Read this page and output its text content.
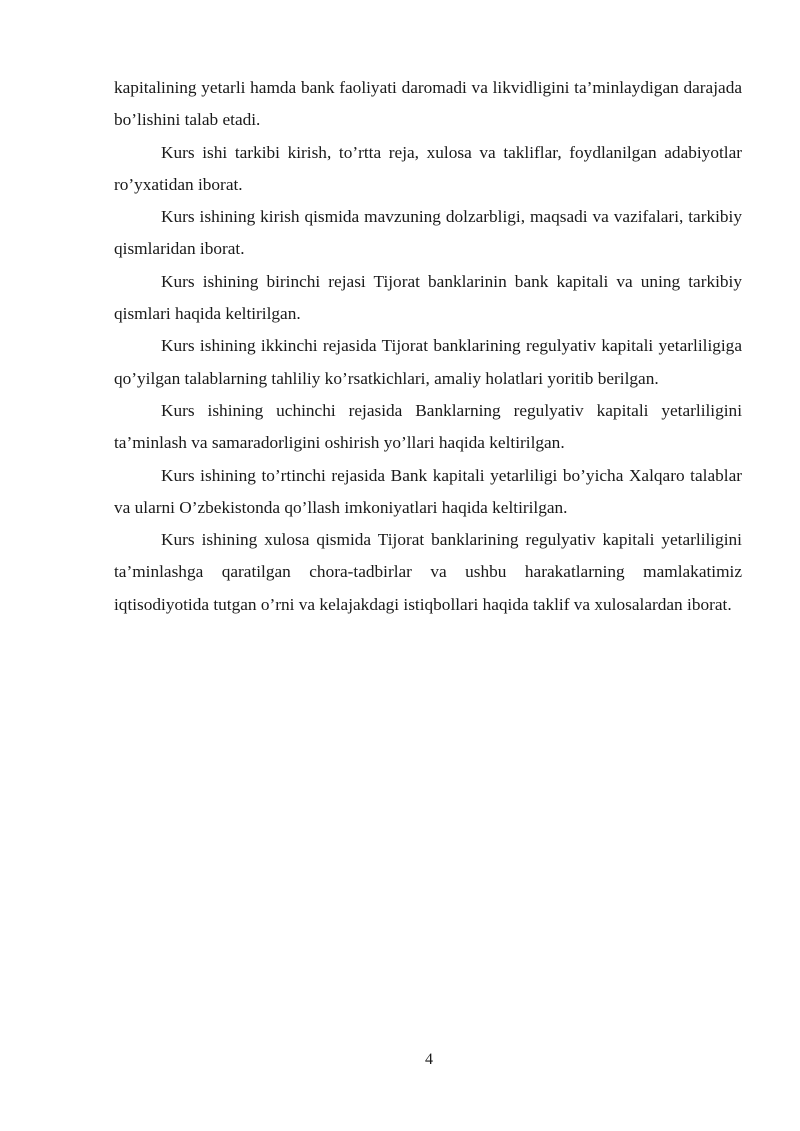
kapitalining yetarli hamda bank faoliyati daromadi va likvidligini ta’minlaydigan darajada bo’lishini talab etadi.

Kurs ishi tarkibi kirish, to’rtta reja, xulosa va takliflar, foydlanilgan adabiyotlar ro’yxatidan iborat.

Kurs ishining kirish qismida mavzuning dolzarbligi, maqsadi va vazifalari, tarkibiy qismlaridan iborat.

Kurs ishining birinchi rejasi Tijorat banklarinin bank kapitali va uning tarkibiy qismlari haqida keltirilgan.

Kurs ishining ikkinchi rejasida Tijorat banklarining regulyativ kapitali yetarliligiga qo’yilgan talablarning tahliliy ko’rsatkichlari, amaliy holatlari yoritib berilgan.

Kurs ishining uchinchi rejasida Banklarning regulyativ kapitali yetarliligini ta’minlash va samaradorligini oshirish yo’llari haqida keltirilgan.

Kurs ishining to’rtinchi rejasida Bank kapitali yetarliligi bo’yicha Xalqaro talablar va ularni O’zbekistonda qo’llash imkoniyatlari haqida keltirilgan.

Kurs ishining xulosa qismida Tijorat banklarining regulyativ kapitali yetarliligini ta’minlashga qaratilgan chora-tadbirlar va ushbu harakatlarning mamlakatimiz iqtisodiyotida tutgan o’rni va kelajakdagi istiqbollari haqida taklif va xulosalardan iborat.

4
